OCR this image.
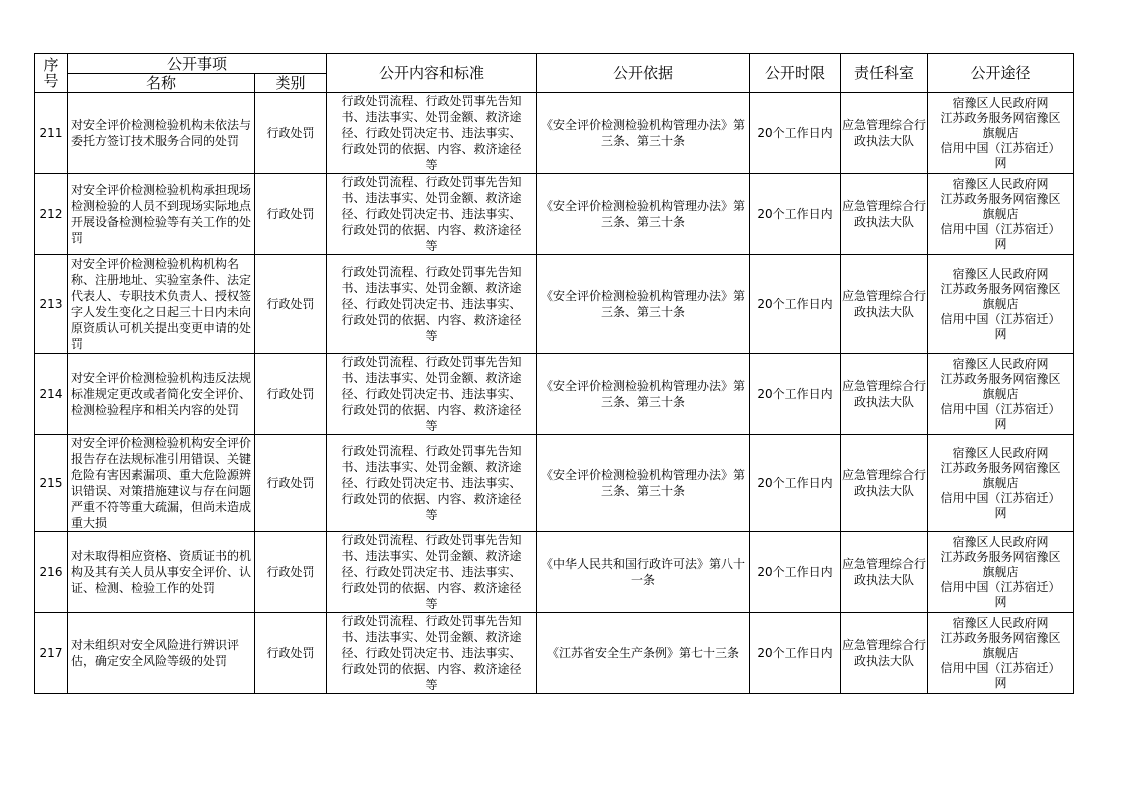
序
号	公开事项		公开内容和标准	公开依据	公开时限	责任科室	公开途径
	名称	类别					
211	对安全评价检测检验机构未依法与委托方签订技术服务合同的处罚	行政处罚	行政处罚流程、行政处罚事先告知
书、违法事实、处罚金额、救济途
径、行政处罚决定书、违法事实、
行政处罚的依据、内容、救济途径
等	《安全评价检测检验机构管理办法》第三条、第三十条	20个工作日内	应急管理综合行政执法大队	宿豫区人民政府网
江苏政务服务网宿豫区
旗舰店
信用中国（江苏宿迁）
网

212	对安全评价检测检验机构承担现场检测检验的人员不到现场实际地点开展设备检测检验等有关工作的处罚	行政处罚	行政处罚流程、行政处罚事先告知
书、违法事实、处罚金额、救济途
径、行政处罚决定书、违法事实、
行政处罚的依据、内容、救济途径
等	《安全评价检测检验机构管理办法》第三条、第三十条	20个工作日内	应急管理综合行政执法大队	宿豫区人民政府网
江苏政务服务网宿豫区
旗舰店
信用中国（江苏宿迁）
网

213	对安全评价检测检验机构机构名称、注册地址、实验室条件、法定代表人、专职技术负责人、授权签字人发生变化之日起三十日内未向原资质认可机关提出变更申请的处罚	行政处罚	行政处罚流程、行政处罚事先告知
书、违法事实、处罚金额、救济途
径、行政处罚决定书、违法事实、
行政处罚的依据、内容、救济途径
等	《安全评价检测检验机构管理办法》第三条、第三十条	20个工作日内	应急管理综合行政执法大队	宿豫区人民政府网
江苏政务服务网宿豫区
旗舰店
信用中国（江苏宿迁）
网

214	对安全评价检测检验机构违反法规标准规定更改或者简化安全评价、检测检验程序和相关内容的处罚	行政处罚	行政处罚流程、行政处罚事先告知
书、违法事实、处罚金额、救济途
径、行政处罚决定书、违法事实、
行政处罚的依据、内容、救济途径
等	《安全评价检测检验机构管理办法》第三条、第三十条	20个工作日内	应急管理综合行政执法大队	宿豫区人民政府网
江苏政务服务网宿豫区
旗舰店
信用中国（江苏宿迁）
网

215	对安全评价检测检验机构安全评价报告存在法规标准引用错误、关键危险有害因素漏项、重大危险源辨识错误、对策措施建议与存在问题严重不符等重大疏漏，但尚未造成重大损	行政处罚	行政处罚流程、行政处罚事先告知
书、违法事实、处罚金额、救济途
径、行政处罚决定书、违法事实、
行政处罚的依据、内容、救济途径
等	《安全评价检测检验机构管理办法》第三条、第三十条	20个工作日内	应急管理综合行政执法大队	宿豫区人民政府网
江苏政务服务网宿豫区
旗舰店
信用中国（江苏宿迁）
网

216	对未取得相应资格、资质证书的机构及其有关人员从事安全评价、认证、检测、检验工作的处罚	行政处罚	行政处罚流程、行政处罚事先告知
书、违法事实、处罚金额、救济途
径、行政处罚决定书、违法事实、
行政处罚的依据、内容、救济途径
等	《中华人民共和国行政许可法》第八十一条	20个工作日内	应急管理综合行政执法大队	宿豫区人民政府网
江苏政务服务网宿豫区
旗舰店
信用中国（江苏宿迁）
网

217	对未组织对安全风险进行辨识评估，确定安全风险等级的处罚	行政处罚	行政处罚流程、行政处罚事先告知
书、违法事实、处罚金额、救济途
径、行政处罚决定书、违法事实、
行政处罚的依据、内容、救济途径
等	《江苏省安全生产条例》第七十三条	20个工作日内	应急管理综合行政执法大队	宿豫区人民政府网
江苏政务服务网宿豫区
旗舰店
信用中国（江苏宿迁）
网
